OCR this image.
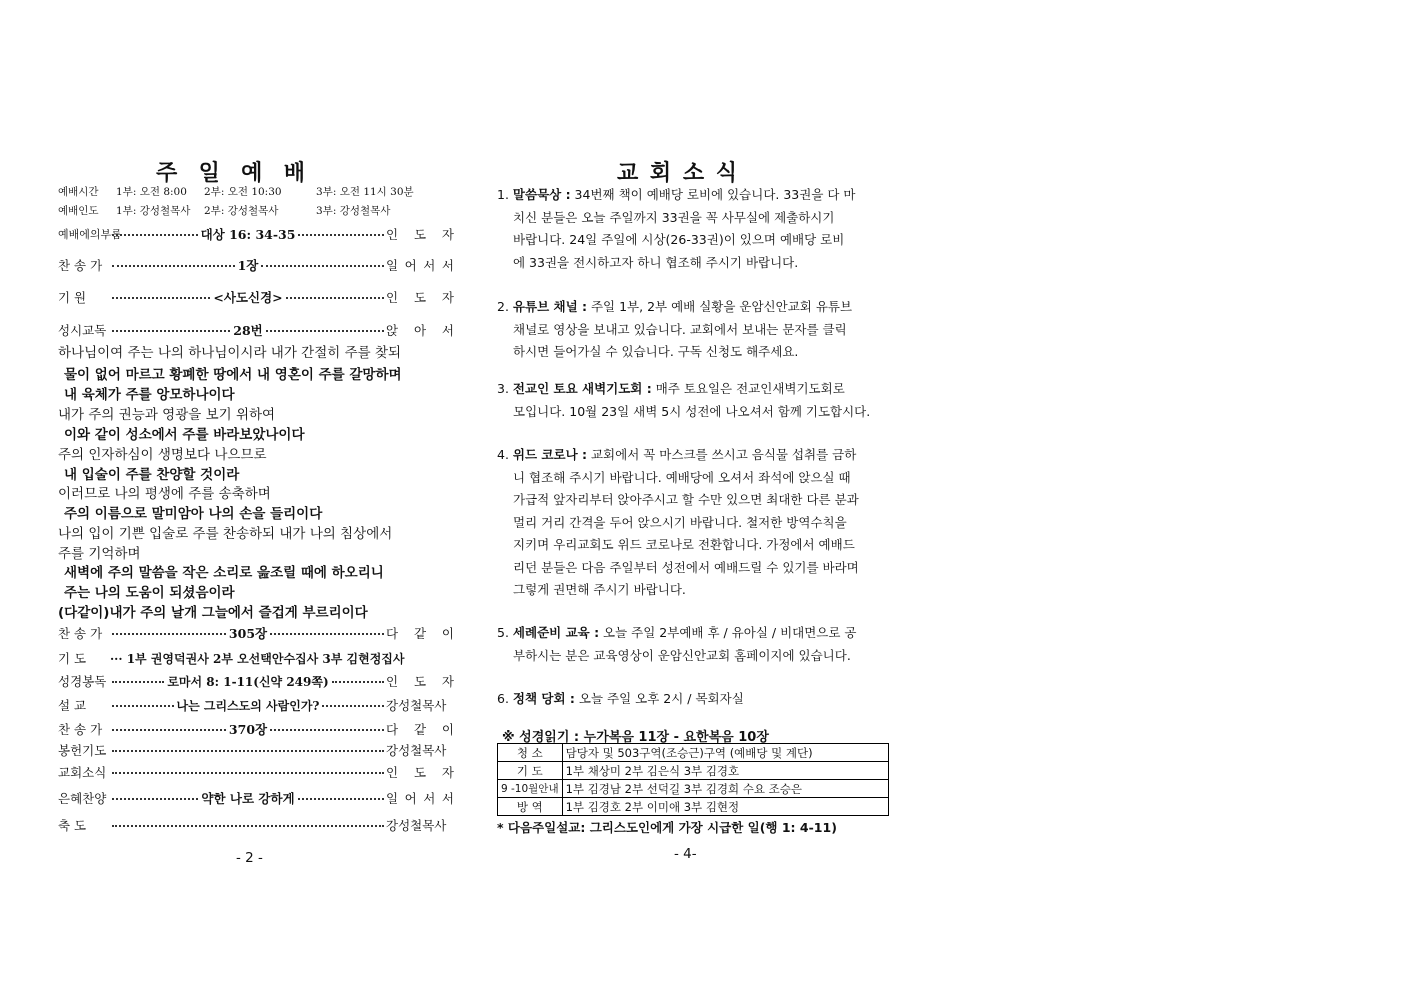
주  일  예  배
예배시간 1부: 오전 8:00 2부: 오전 10:30	3부: 오전 11시 30분
예배인도 1부: 강성철목사 2부: 강성철목사	3부: 강성철목사
예배에의부름	대상 16: 34-35	인 도 자
찬 송 가	1장	일 어 서 서
기 원	<사도신경>	인 도 자
성시교독	28번	앉 아 서
하나님이여 주는 나의 하나님이시라 내가 간절히 주를 찾되
물이 없어 마르고 황폐한 땅에서 내 영혼이 주를 갈망하며
내 육체가 주를 앙모하나이다
내가 주의 권능과 영광을 보기 위하여
이와 같이 성소에서 주를 바라보았나이다
주의 인자하심이 생명보다 나으므로
내 입술이 주를 찬양할 것이라
이러므로 나의 평생에 주를 송축하며
주의 이름으로 말미암아 나의 손을 들리이다
나의 입이 기쁜 입술로 주를 찬송하되 내가 나의 침상에서
주를 기억하며
새벽에 주의 말씀을 작은 소리로 읊조릴 때에 하오리니
주는 나의 도움이 되셨음이라
(다같이)내가 주의 날개 그늘에서 즐겁게 부르리이다
찬 송 가	305장	다 같 이
기 도 ··· 1부 권영덕권사 2부 오선택안수집사 3부 김현정집사
성경봉독	로마서 8: 1-11(신약 249쪽)	인 도 자
설 교	나는 그리스도의 사람인가?	강성철목사
찬 송 가	370장	다 같 이
봉헌기도	강성철목사
교회소식	인 도 자
은혜찬양	약한 나로 강하게	일 어 서 서
축 도	강성철목사
- 2 -
교 회 소 식
1. 말씀묵상 : 34번째 책이 예배당 로비에 있습니다. 33권을 다 마
치신 분들은 오늘 주일까지 33권을 꼭 사무실에 제출하시기
바랍니다. 24일 주일에 시상(26-33권)이 있으며 예배당 로비
에 33권을 전시하고자 하니 협조해 주시기 바랍니다.
2. 유튜브 채널 : 주일 1부, 2부 예배 실황을 운암신안교회 유튜브
채널로 영상을 보내고 있습니다. 교회에서 보내는 문자를 클릭
하시면 들어가실 수 있습니다. 구독 신청도 해주세요.
3. 전교인 토요 새벽기도회 : 매주 토요일은 전교인새벽기도회로
모입니다. 10월 23일 새벽 5시 성전에 나오셔서 함께 기도합시다.
4. 위드 코로나 : 교회에서 꼭 마스크를 쓰시고 음식물 섭취를 금하
니 협조해 주시기 바랍니다. 예배당에 오셔서 좌석에 앉으실 때
가급적 앞자리부터 앉아주시고 할 수만 있으면 최대한 다른 분과
멀리 거리 간격을 두어 앉으시기 바랍니다. 철저한 방역수칙을
지키며 우리교회도 위드 코로나로 전환합니다. 가정에서 예배드
리던 분들은 다음 주일부터 성전에서 예배드릴 수 있기를 바라며
그렇게 권면해 주시기 바랍니다.
5. 세례준비 교육 : 오늘 주일 2부예배 후 / 유아실 / 비대면으로 공
부하시는 분은 교육영상이 운암신안교회 홈페이지에 있습니다.
6. 정책 당회 : 오늘 주일 오후 2시 / 목회자실
※ 성경읽기 : 누가복음 11장 - 요한복음 10장
청 소	담당자 및 503구역(조승근)구역 (예배당 및 계단)
기 도	1부 채상미 2부 김은식 3부 김경호
9 -10월안내	1부 김경남 2부 선덕길 3부 김경희 수요 조승은
방 역	1부 김경호 2부 이미애 3부 김현정
* 다음주일설교: 그리스도인에게 가장 시급한 일(행 1: 4-11)
- 4-
